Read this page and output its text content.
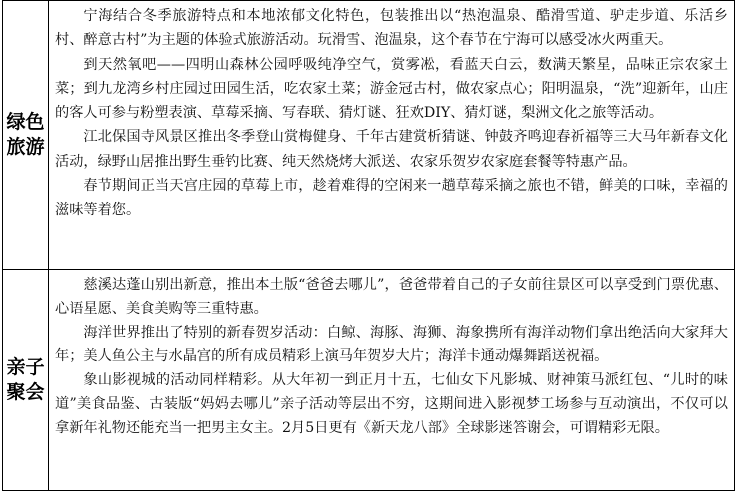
绿色旅游

宁海结合冬季旅游特点和本地浓郁文化特色，包装推出以“热泡温泉、酷滑雪道、驴走步道、乐活乡村、醉意古村”为主题的体验式旅游活动。玩滑雪、泡温泉，这个春节在宁海可以感受冰火两重天。

到天然氧吧——四明山森林公园呼吸纯净空气，赏雾凇，看蓝天白云，数满天繁星，品味正宗农家土菜；到九龙湾乡村庄园过田园生活，吃农家土菜；游金冠古村，做农家点心；阳明温泉，“洗”迎新年，山庄的客人可参与粉塑表演、草莓采摘、写春联、猜灯谜、狂欢DIY、猜灯谜，梨洲文化之旅等活动。

江北保国寺风景区推出冬季登山赏梅健身、千年古建赏析猜谜、钟鼓齐鸣迎春祈福等三大马年新春文化活动，绿野山居推出野生垂钓比赛、纯天然烧烤大派送、农家乐贺岁农家庭套餐等特惠产品。

春节期间正当天宫庄园的草莓上市，趁着难得的空闲来一趟草莓采摘之旅也不错，鲜美的口味，幸福的滋味等着您。

亲子聚会

慈溪达蓬山别出新意，推出本土版“爸爸去哪儿”，爸爸带着自己的子女前往景区可以享受到门票优惠、心语星愿、美食美购等三重特惠。

海洋世界推出了特别的新春贺岁活动：白鲸、海豚、海狮、海象携所有海洋动物们拿出绝活向大家拜大年；美人鱼公主与水晶宫的所有成员精彩上演马年贺岁大片；海洋卡通动爆舞蹈送祝福。

象山影视城的活动同样精彩。从大年初一到正月十五，七仙女下凡影城、财神策马派红包、“儿时的味道”美食品鉴、古装版“妈妈去哪儿”亲子活动等层出不穷，这期间进入影视梦工场参与互动演出，不仅可以拿新年礼物还能充当一把男主女主。2月5日更有《新天龙八部》全球影迷答谢会，可谓精彩无限。
